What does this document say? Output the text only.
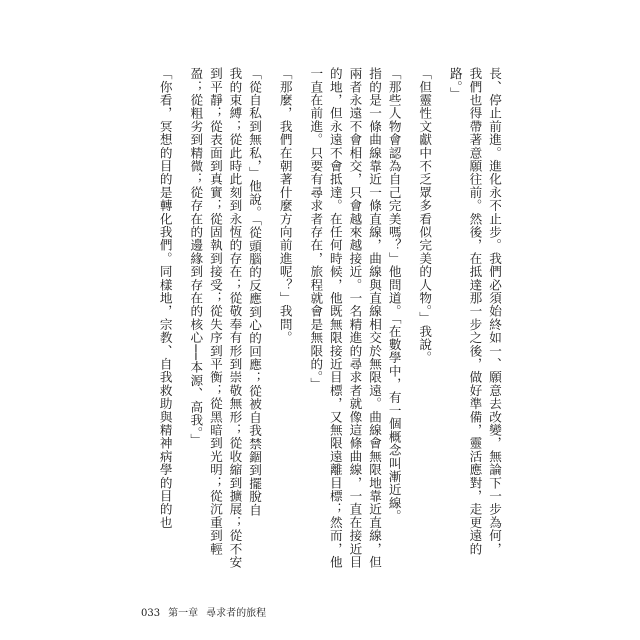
長、停止前進。進化永不止步。我們必須始終如一、願意去改變，無論下一步為何，
我們也得帶著意願往前。然後，在抵達那一步之後，做好準備，靈活應對，走更遠的
路。」
「但靈性文獻中不乏眾多看似完美的人物。」我說。
「那些人物會認為自己完美嗎？」他問道。「在數學中，有一個概念叫漸近線。
指的是一條曲線靠近一條直線，曲線與直線相交於無限遠。曲線會無限地靠近直線，但
兩者永遠不會相交，只會越來越接近。一名精進的尋求者就像這條曲線，一直在接近目
的地，但永遠不會抵達。在任何時候，他既無限接近目標，又無限遠離目標；然而，他
一直在前進。只要有尋求者存在，旅程就會是無限的。」
「那麼，我們在朝著什麼方向前進呢？」我問。
「從自私到無私，」他說。「從頭腦的反應到心的回應；從被自我禁錮到擺脫自
我的束縛；從此時此刻到永恆的存在；從敬奉有形到崇敬無形；從收縮到擴展；從不安
到平靜；從表面到真實；從固執到接受；從失序到平衡；從黑暗到光明；從沉重到輕
盈；從粗劣到精微；從存在的邊緣到存在的核心──本源、高我。」
「你看，冥想的目的是轉化我們。同樣地，宗教、自我救助與精神病學的目的也
033 第一章 尋求者的旅程
